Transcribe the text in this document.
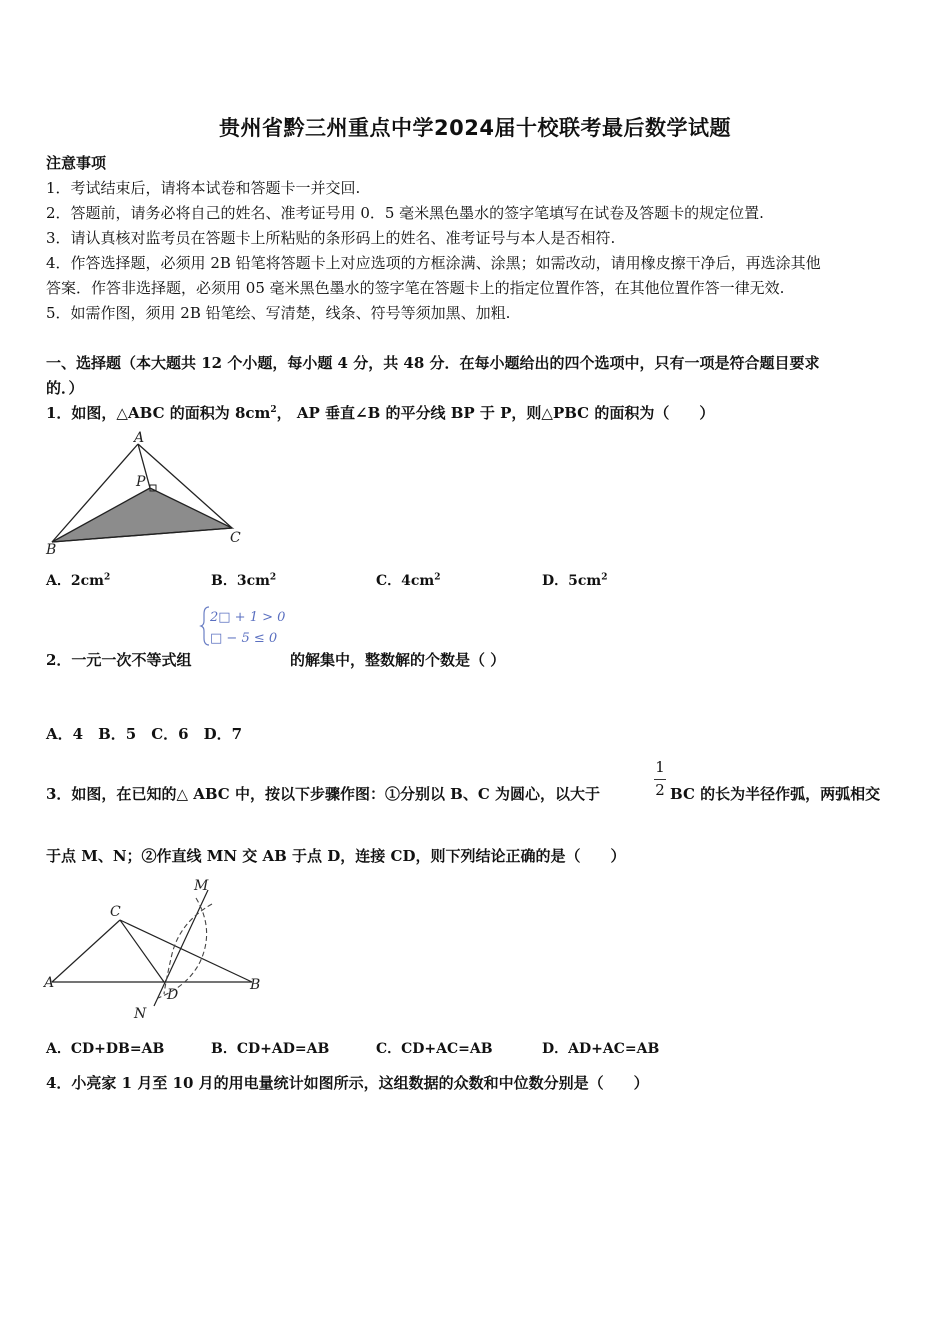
贵州省黔三州重点中学2024届十校联考最后数学试题
注意事项
1．考试结束后，请将本试卷和答题卡一并交回.
2．答题前，请务必将自己的姓名、准考证号用 0．5 毫米黑色墨水的签字笔填写在试卷及答题卡的规定位置.
3．请认真核对监考员在答题卡上所粘贴的条形码上的姓名、准考证号与本人是否相符.
4．作答选择题，必须用 2B 铅笔将答题卡上对应选项的方框涂满、涂黑；如需改动，请用橡皮擦干净后，再选涂其他
答案．作答非选择题，必须用 05 毫米黑色墨水的签字笔在答题卡上的指定位置作答，在其他位置作答一律无效.
5．如需作图，须用 2B 铅笔绘、写清楚，线条、符号等须加黑、加粗.
一、选择题（本大题共 12 个小题，每小题 4 分，共 48 分．在每小题给出的四个选项中，只有一项是符合题目要求
的．）
1．如图，△ABC 的面积为 $8cm^2$， AP 垂直∠B 的平分线 BP 于 P，则△PBC 的面积为（　　）
A
P
B
C
A．$2cm^2$	B．$3cm^2$	C．$4cm^2$	D．$5cm^2$
2□ + 1 > 0
□ − 5 ≤ 0
2．一元一次不等式组	的解集中，整数解的个数是（ ）
A．4　B．5　C．6　D．7
3．如图，在已知的△ ABC 中，按以下步骤作图：①分别以 B、C 为圆心，以大于
1
2 BC 的长为半径作弧，两弧相交
于点 M、N；②作直线 MN 交 AB 于点 D，连接 CD，则下列结论正确的是（　　）
C
A	B
D
M
N
A．CD+DB=AB	B．CD+AD=AB	C．CD+AC=AB	D．AD+AC=AB
4．小亮家 1 月至 10 月的用电量统计如图所示，这组数据的众数和中位数分别是（　　）
